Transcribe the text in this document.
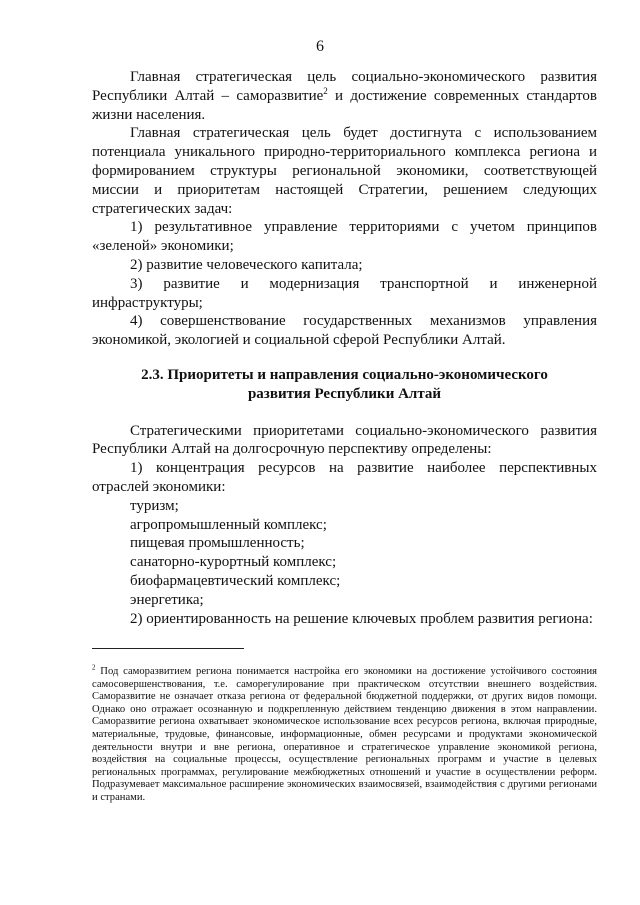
6

Главная стратегическая цель социально-экономического развития Республики Алтай – саморазвитие$^2$ и достижение современных стандартов жизни населения.

Главная стратегическая цель будет достигнута с использованием потенциала уникального природно-территориального комплекса региона и формированием структуры региональной экономики, соответствующей миссии и приоритетам настоящей Стратегии, решением следующих стратегических задач:

1) результативное управление территориями с учетом принципов «зеленой» экономики;

2) развитие человеческого капитала;

3) развитие и модернизация транспортной и инженерной инфраструктуры;

4) совершенствование государственных механизмов управления экономикой, экологией и социальной сферой Республики Алтай.

2.3. Приоритеты и направления социально-экономического
развития Республики Алтай

Стратегическими приоритетами социально-экономического развития Республики Алтай на долгосрочную перспективу определены:

1) концентрация ресурсов на развитие наиболее перспективных отраслей экономики:

туризм;

агропромышленный комплекс;

пищевая промышленность;

санаторно-курортный комплекс;

биофармацевтический комплекс;

энергетика;

2) ориентированность на решение ключевых проблем развития региона:

$^2$ Под саморазвитием региона понимается настройка его экономики на достижение устойчивого состояния самосовершенствования, т.е. саморегулирование при практическом отсутствии внешнего воздействия. Саморазвитие не означает отказа региона от федеральной бюджетной поддержки, от других видов помощи. Однако оно отражает осознанную и подкрепленную действием тенденцию движения в этом направлении. Саморазвитие региона охватывает экономическое использование всех ресурсов региона, включая природные, материальные, трудовые, финансовые, информационные, обмен ресурсами и продуктами экономической деятельности внутри и вне региона, оперативное и стратегическое управление экономикой региона, воздействия на социальные процессы, осуществление региональных программ и участие в целевых региональных программах, регулирование межбюджетных отношений и участие в осуществлении реформ. Подразумевает максимальное расширение экономических взаимосвязей, взаимодействия с другими регионами и странами.
